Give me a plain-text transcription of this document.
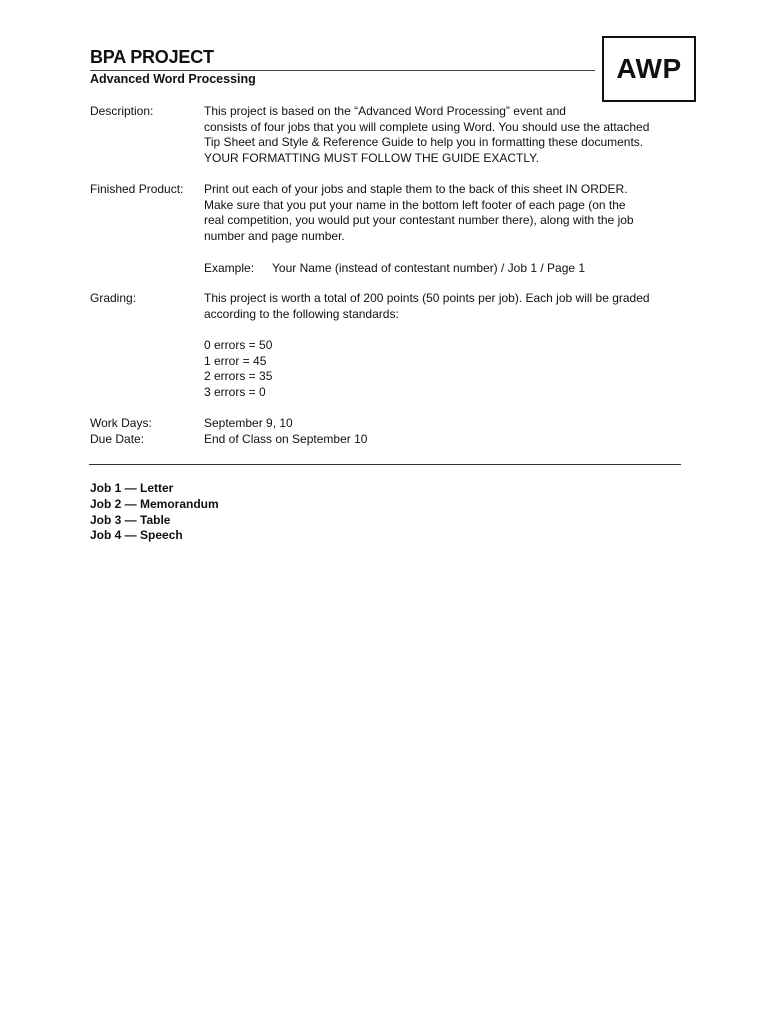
BPA PROJECT
Advanced Word Processing	AWP
Description:	This project is based on the “Advanced Word Processing” event and
consists of four jobs that you will complete using Word. You should use the attached
Tip Sheet and Style & Reference Guide to help you in formatting these documents.
YOUR FORMATTING MUST FOLLOW THE GUIDE EXACTLY.
Finished Product:	Print out each of your jobs and staple them to the back of this sheet IN ORDER.
Make sure that you put your name in the bottom left footer of each page (on the
real competition, you would put your contestant number there), along with the job
number and page number.
Example: Your Name (instead of contestant number) / Job 1 / Page 1
Grading:	This project is worth a total of 200 points (50 points per job). Each job will be graded
according to the following standards:
0 errors = 50
1 error = 45
2 errors = 35
3 errors = 0
Work Days:	September 9, 10
Due Date:	End of Class on September 10
Job 1 — Letter
Job 2 — Memorandum
Job 3 — Table
Job 4 — Speech
